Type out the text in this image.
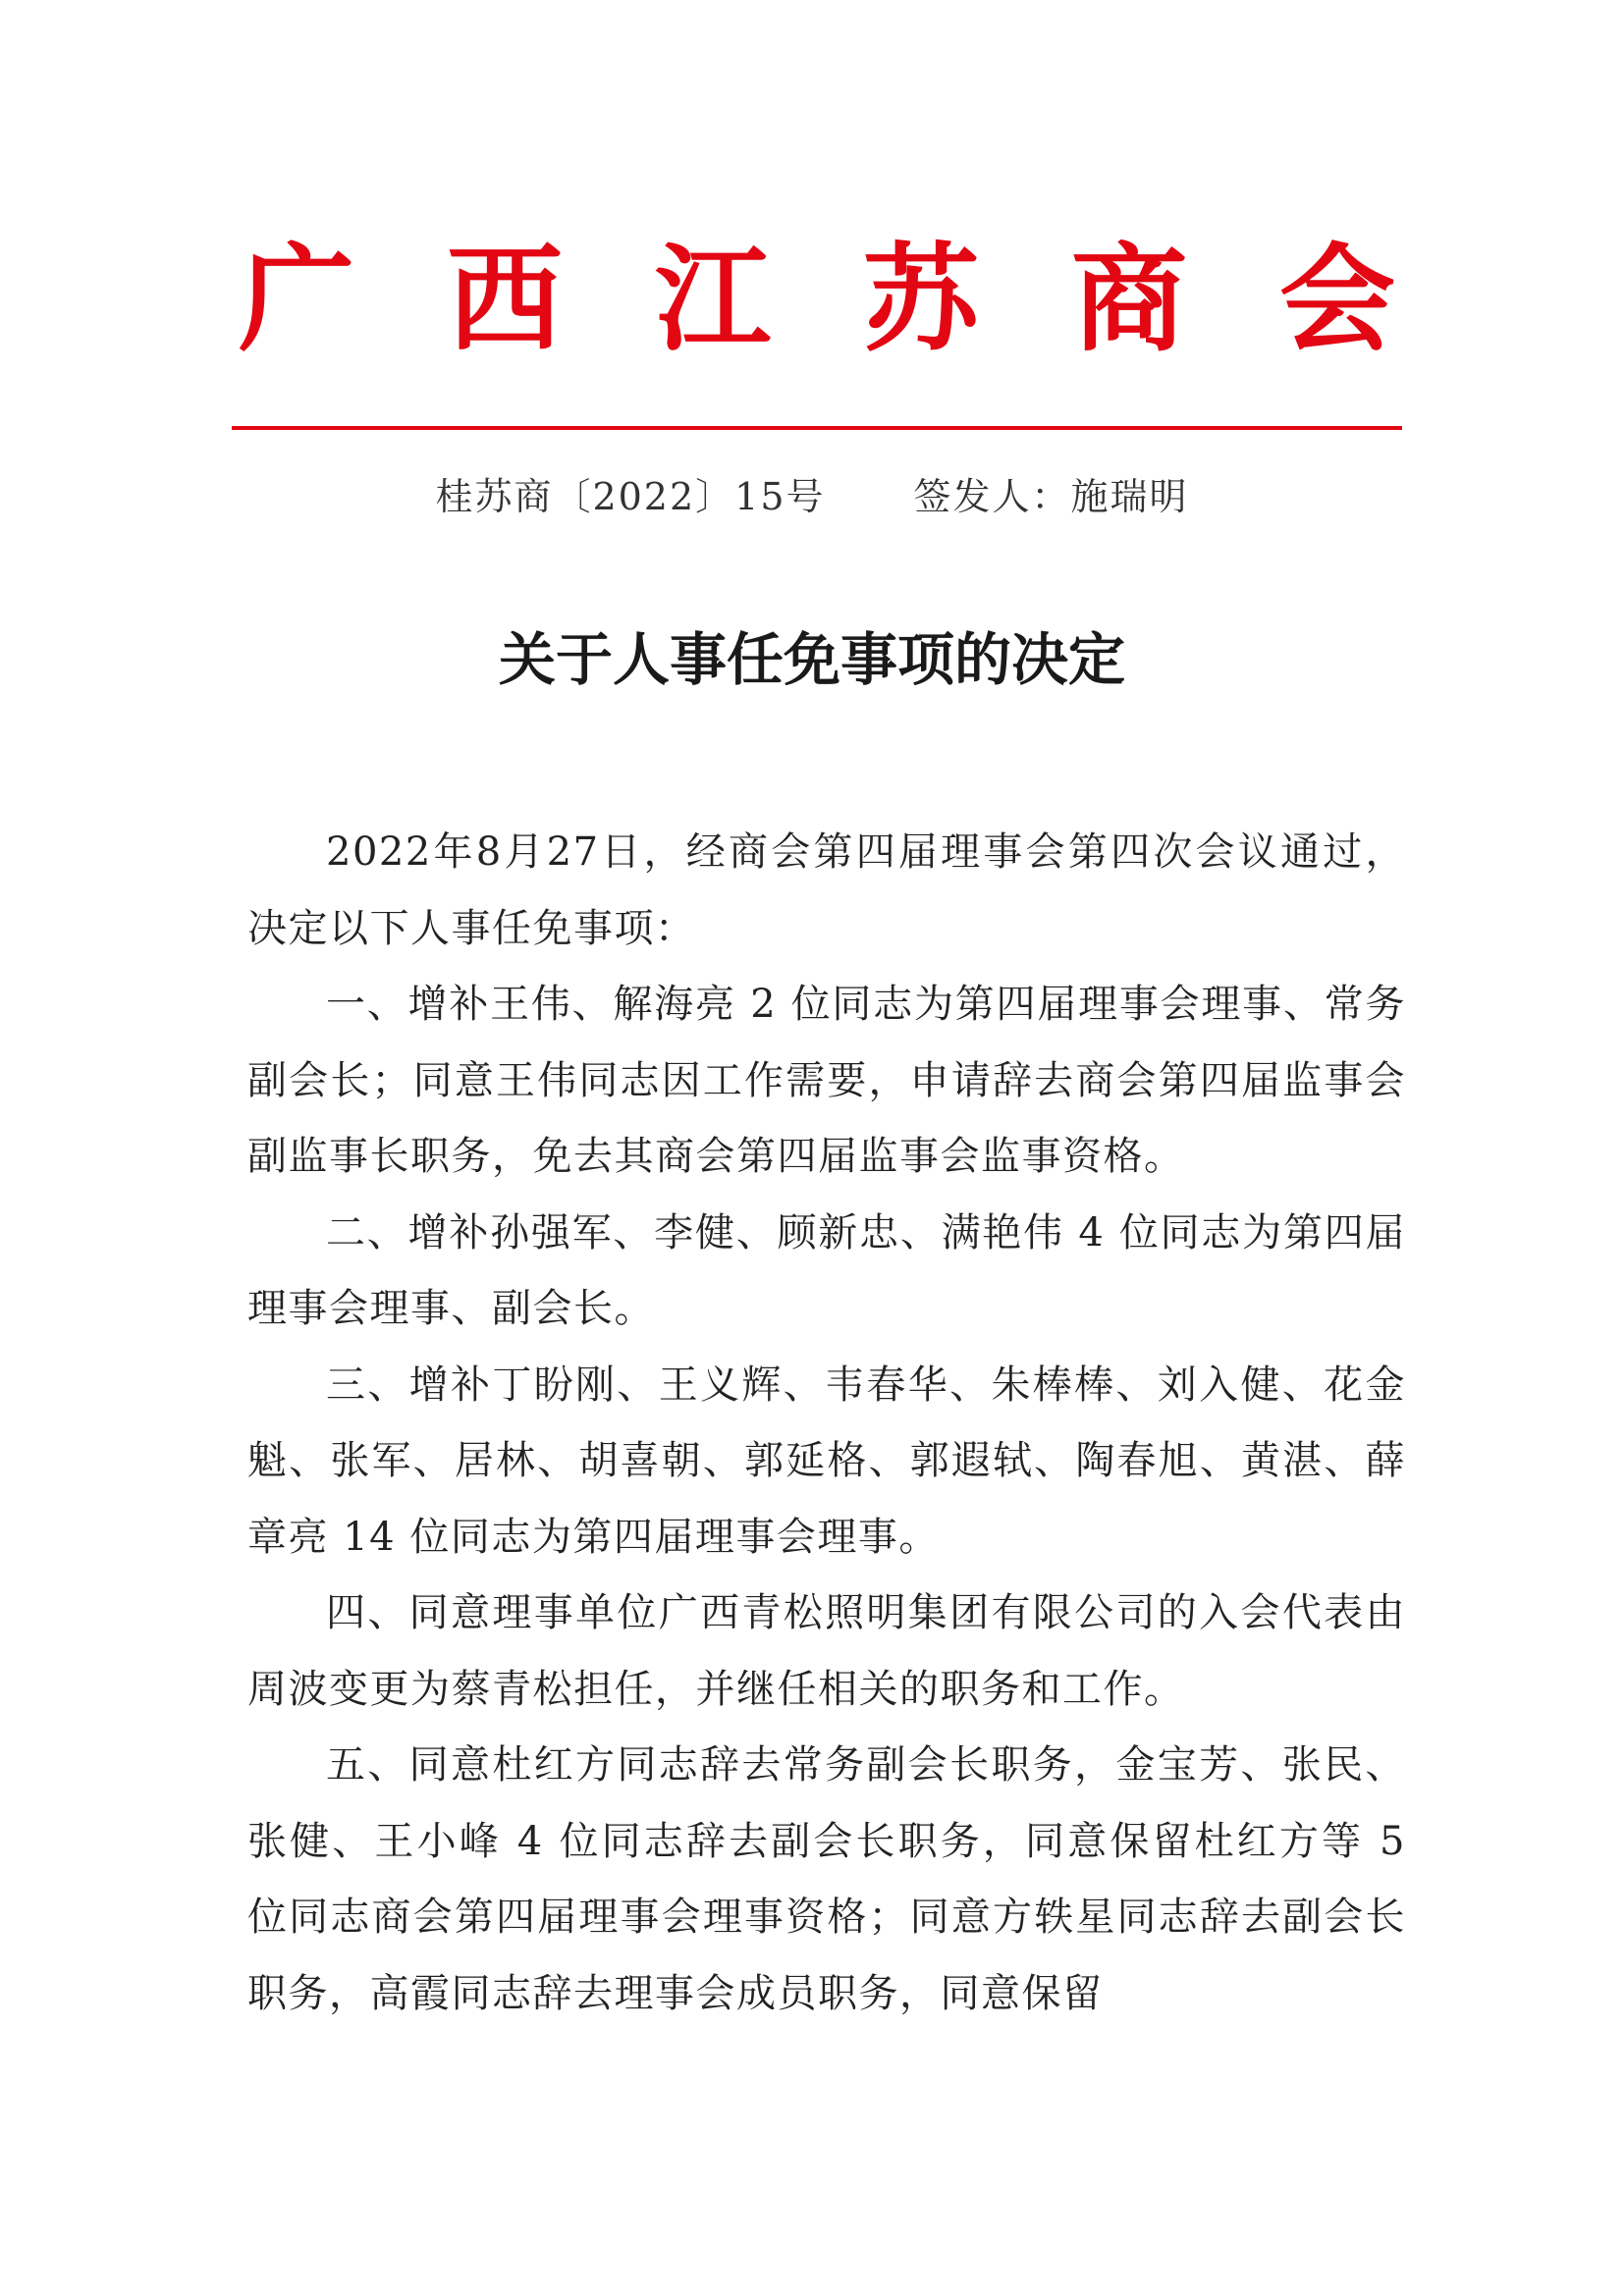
广 西 江 苏 商 会
桂苏商〔2022〕15号 签发人：施瑞明
关于人事任免事项的决定

2022年8月27日，经商会第四届理事会第四次会议通过，决定以下人事任免事项：

一、增补王伟、解海亮 2 位同志为第四届理事会理事、常务副会长；同意王伟同志因工作需要，申请辞去商会第四届监事会副监事长职务，免去其商会第四届监事会监事资格。

二、增补孙强军、李健、顾新忠、满艳伟 4 位同志为第四届理事会理事、副会长。

三、增补丁盼刚、王义辉、韦春华、朱棒棒、刘入健、花金魁、张军、居林、胡喜朝、郭延格、郭遐轼、陶春旭、黄湛、薛章亮 14 位同志为第四届理事会理事。

四、同意理事单位广西青松照明集团有限公司的入会代表由周波变更为蔡青松担任，并继任相关的职务和工作。

五、同意杜红方同志辞去常务副会长职务，金宝芳、张民、张健、王小峰 4 位同志辞去副会长职务，同意保留杜红方等 5 位同志商会第四届理事会理事资格；同意方轶星同志辞去副会长职务，高霞同志辞去理事会成员职务，同意保留
